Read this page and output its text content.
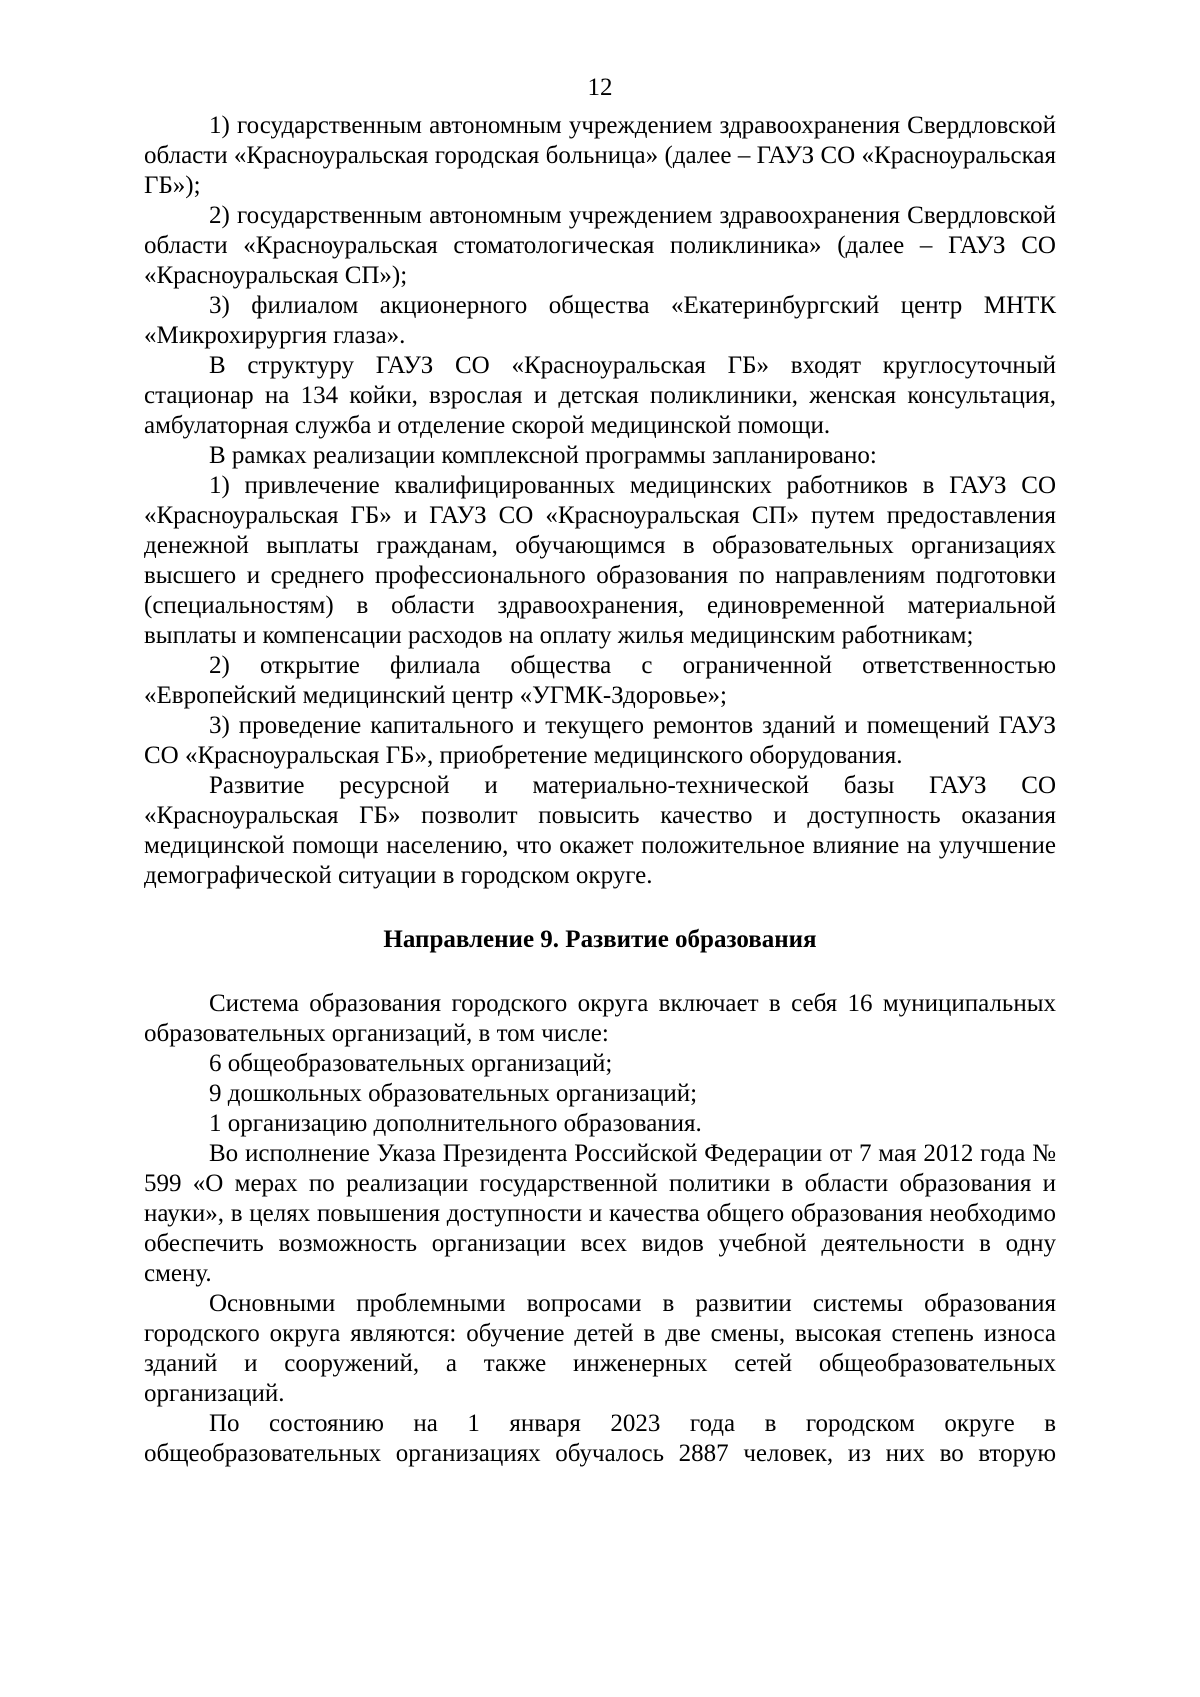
12

1) государственным автономным учреждением здравоохранения Свердловской области «Красноуральская городская больница» (далее – ГАУЗ СО «Красноуральская ГБ»);

2) государственным автономным учреждением здравоохранения Свердловской области «Красноуральская стоматологическая поликлиника» (далее – ГАУЗ СО «Красноуральская СП»);

3) филиалом акционерного общества «Екатеринбургский центр МНТК «Микрохирургия глаза».

В структуру ГАУЗ СО «Красноуральская ГБ» входят круглосуточный стационар на 134 койки, взрослая и детская поликлиники, женская консультация, амбулаторная служба и отделение скорой медицинской помощи.

В рамках реализации комплексной программы запланировано:

1) привлечение квалифицированных медицинских работников в ГАУЗ СО «Красноуральская ГБ» и ГАУЗ СО «Красноуральская СП» путем предоставления денежной выплаты гражданам, обучающимся в образовательных организациях высшего и среднего профессионального образования по направлениям подготовки (специальностям) в области здравоохранения, единовременной материальной выплаты и компенсации расходов на оплату жилья медицинским работникам;

2) открытие филиала общества с ограниченной ответственностью «Европейский медицинский центр «УГМК-Здоровье»;

3) проведение капитального и текущего ремонтов зданий и помещений ГАУЗ СО «Красноуральская ГБ», приобретение медицинского оборудования.

Развитие ресурсной и материально-технической базы ГАУЗ СО «Красноуральская ГБ» позволит повысить качество и доступность оказания медицинской помощи населению, что окажет положительное влияние на улучшение демографической ситуации в городском округе.

Направление 9. Развитие образования

Система образования городского округа включает в себя 16 муниципальных образовательных организаций, в том числе:

6 общеобразовательных организаций;

9 дошкольных образовательных организаций;

1 организацию дополнительного образования.

Во исполнение Указа Президента Российской Федерации от 7 мая 2012 года № 599 «О мерах по реализации государственной политики в области образования и науки», в целях повышения доступности и качества общего образования необходимо обеспечить возможность организации всех видов учебной деятельности в одну смену.

Основными проблемными вопросами в развитии системы образования городского округа являются: обучение детей в две смены, высокая степень износа зданий и сооружений, а также инженерных сетей общеобразовательных организаций.

По состоянию на 1 января 2023 года в городском округе в общеобразовательных организациях обучалось 2887 человек, из них во вторую
